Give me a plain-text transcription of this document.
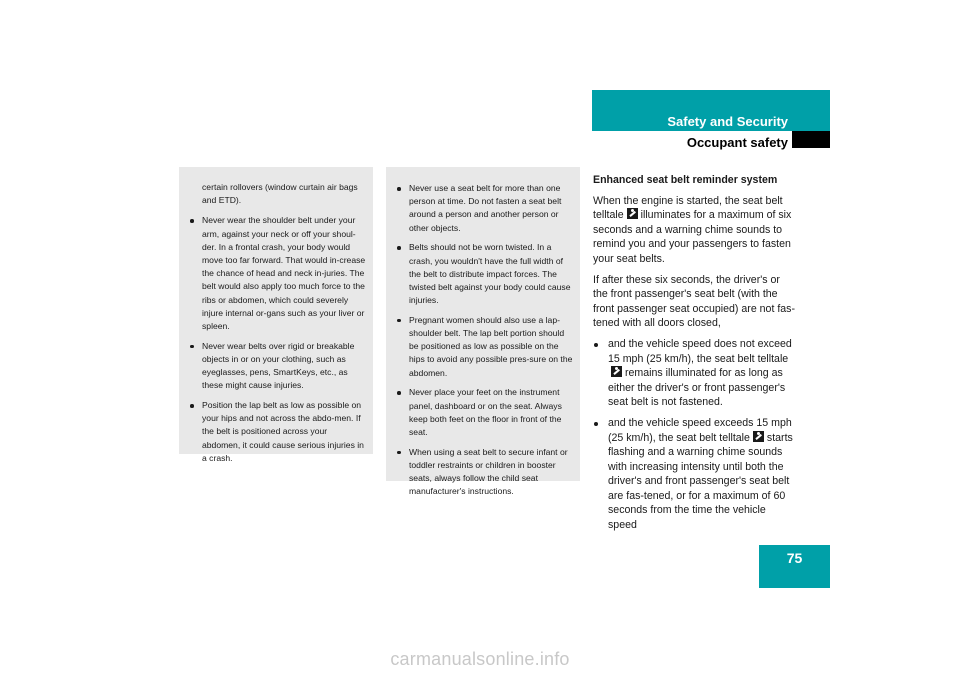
Safety and Security
Occupant safety

certain rollovers (window curtain air bags and ETD).

Never wear the shoulder belt under your arm, against your neck or off your shoul-der. In a frontal crash, your body would move too far forward. That would in-crease the chance of head and neck in-juries. The belt would also apply too much force to the ribs or abdomen, which could severely injure internal or-gans such as your liver or spleen.
Never wear belts over rigid or breakable objects in or on your clothing, such as eyeglasses, pens, SmartKeys, etc., as these might cause injuries.
Position the lap belt as low as possible on your hips and not across the abdo-men. If the belt is positioned across your abdomen, it could cause serious injuries in a crash.
Never use a seat belt for more than one person at time. Do not fasten a seat belt around a person and another person or other objects.
Belts should not be worn twisted. In a crash, you wouldn't have the full width of the belt to distribute impact forces. The twisted belt against your body could cause injuries.
Pregnant women should also use a lap-shoulder belt. The lap belt portion should be positioned as low as possible on the hips to avoid any possible pres-sure on the abdomen.
Never place your feet on the instrument panel, dashboard or on the seat. Always keep both feet on the floor in front of the seat.
When using a seat belt to secure infant or toddler restraints or children in booster seats, always follow the child seat manufacturer's instructions.
Enhanced seat belt reminder system

When the engine is started, the seat belt telltale illuminates for a maximum of six seconds and a warning chime sounds to remind you and your passengers to fasten your seat belts.

If after these six seconds, the driver's or the front passenger's seat belt (with the front passenger seat occupied) are not fas-tened with all doors closed,

and the vehicle speed does not exceed 15 mph (25 km/h), the seat belt telltaleremains illuminated for as long as either the driver's or front passenger's seat belt is not fastened.
and the vehicle speed exceeds 15 mph (25 km/h), the seat belt telltale starts flashing and a warning chime sounds with increasing intensity until both the driver's and front passenger's seat belt are fas-tened, or for a maximum of 60 seconds from the time the vehicle speed
75
carmanualsonline.info
